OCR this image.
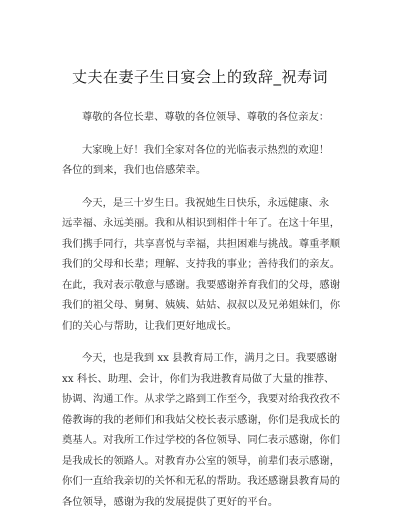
丈夫在妻子生日宴会上的致辞_祝寿词
尊敬的各位长辈、尊敬的各位领导、尊敬的各位亲友：
大家晚上好！我们全家对各位的光临表示热烈的欢迎！
各位的到来，我们也倍感荣幸。
今天，是三十岁生日。我祝她生日快乐，永远健康、永
远幸福、永远美丽。我和从相识到相伴十年了。在这十年里，
我们携手同行，共享喜悦与幸福，共担困难与挑战。尊重孝顺
我们的父母和长辈；理解、支持我的事业；善待我们的亲友。
在此，我对表示敬意与感谢。我要感谢养育我们的父母，感谢
我们的祖父母、舅舅、姨姨、姑姑、叔叔以及兄弟姐妹们，你
们的关心与帮助，让我们更好地成长。
今天，也是我到 xx 县教育局工作，满月之日。我要感谢
xx 科长、助理、会计，你们为我进教育局做了大量的推荐、
协调、沟通工作。从求学之路到工作至今，我要对给我孜孜不
倦教诲的我的老师们和我姑父校长表示感谢，你们是我成长的
奠基人。对我所工作过学校的各位领导、同仁表示感谢，你们
是我成长的领路人。对教育办公室的领导，前辈们表示感谢，
你们一直给我亲切的关怀和无私的帮助。我还感谢县教育局的
各位领导，感谢为我的发展提供了更好的平台。
